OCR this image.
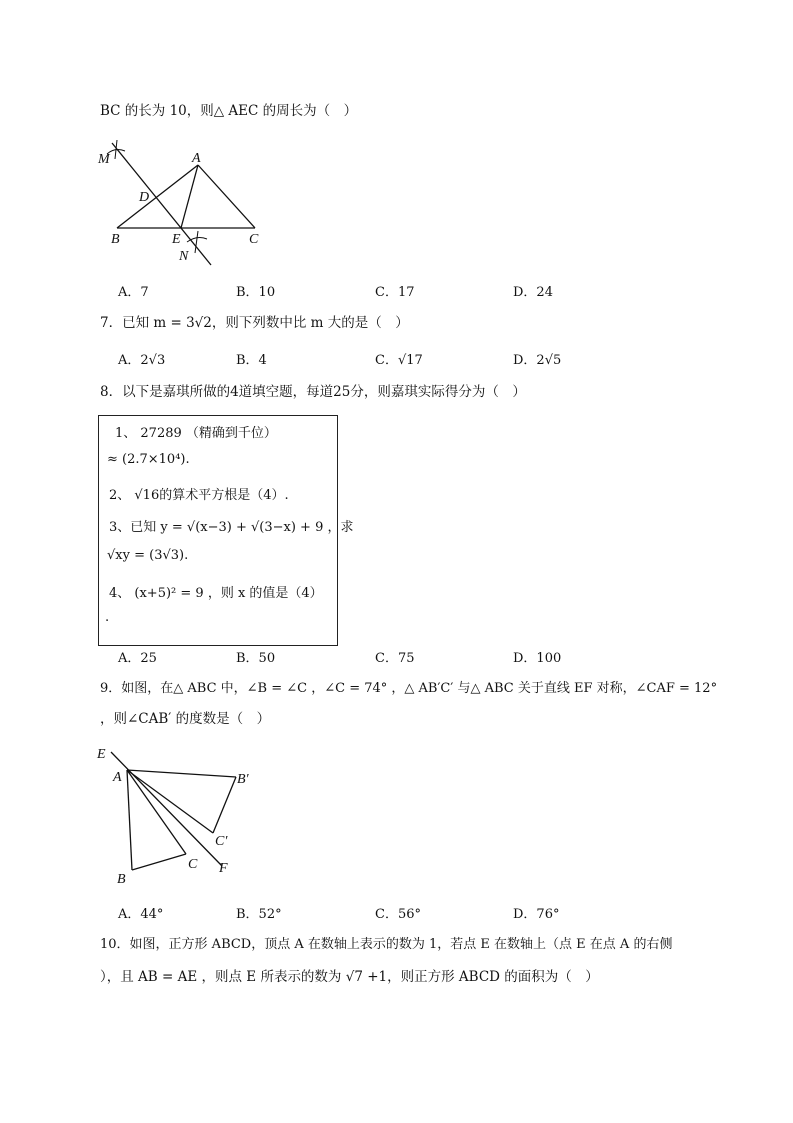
BC 的长为 10，则△ AEC 的周长为（　）
M	A
D
B	E	C
N
A．7	B．10	C．17	D．24
7．已知 m = 3√2，则下列数中比 m 大的是（　）
A．2√3	B．4	C．√17	D．2√5
8．以下是嘉琪所做的4道填空题，每道25分，则嘉琪实际得分为（　）
1、 27289 （精确到千位）
≈ (2.7×10⁴).
2、 √16的算术平方根是（4）.
3、已知 y = √(x−3) + √(3−x) + 9 ，求
√xy = (3√3).
4、 (x+5)² = 9 ，则 x 的值是（4）
.
A．25	B．50	C．75	D．100
9．如图，在△ ABC 中，∠B = ∠C ，∠C = 74° ，△ AB′C′ 与△ ABC 关于直线 EF 对称，∠CAF = 12°
，则∠CAB′ 的度数是（　）
E
A	B′
C′
C F
B
A．44°	B．52°	C．56°	D．76°
10．如图，正方形 ABCD，顶点 A 在数轴上表示的数为 1，若点 E 在数轴上（点 E 在点 A 的右侧
），且 AB = AE ，则点 E 所表示的数为 √7 +1，则正方形 ABCD 的面积为（　）
